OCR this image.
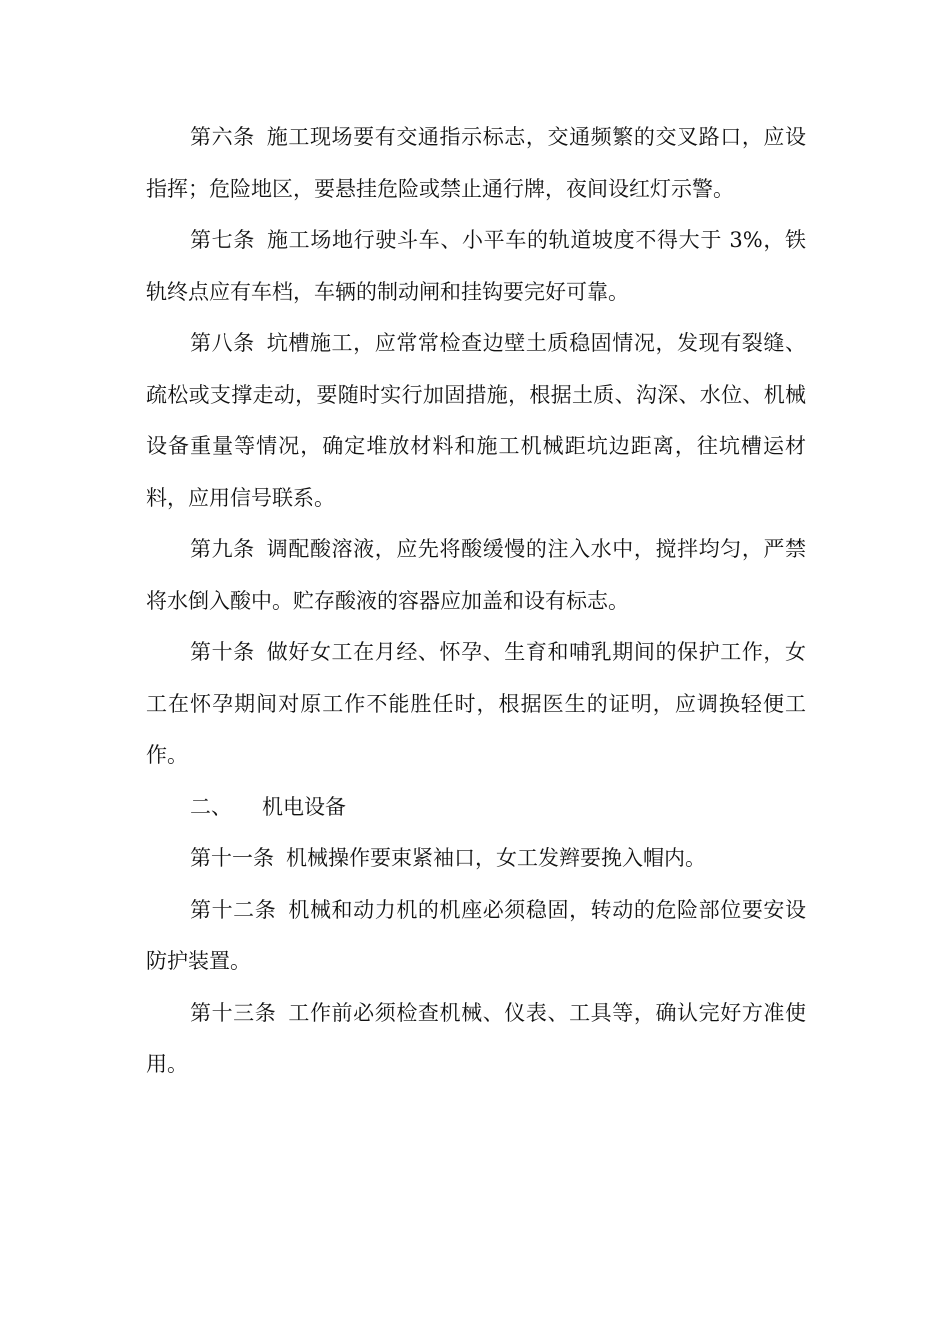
第六条 施工现场要有交通指示标志，交通频繁的交叉路口，应设指挥；危险地区，要悬挂危险或禁止通行牌，夜间设红灯示警。

第七条 施工场地行驶斗车、小平车的轨道坡度不得大于 3%，铁轨终点应有车档，车辆的制动闸和挂钩要完好可靠。

第八条 坑槽施工，应常常检查边壁土质稳固情况，发现有裂缝、疏松或支撑走动，要随时实行加固措施，根据土质、沟深、水位、机械设备重量等情况，确定堆放材料和施工机械距坑边距离，往坑槽运材料，应用信号联系。

第九条 调配酸溶液，应先将酸缓慢的注入水中，搅拌均匀，严禁将水倒入酸中。贮存酸液的容器应加盖和设有标志。

第十条 做好女工在月经、怀孕、生育和哺乳期间的保护工作，女工在怀孕期间对原工作不能胜任时，根据医生的证明，应调换轻便工作。

二、 机电设备

第十一条 机械操作要束紧袖口，女工发辫要挽入帽内。

第十二条 机械和动力机的机座必须稳固，转动的危险部位要安设防护装置。

第十三条 工作前必须检查机械、仪表、工具等，确认完好方准使用。
